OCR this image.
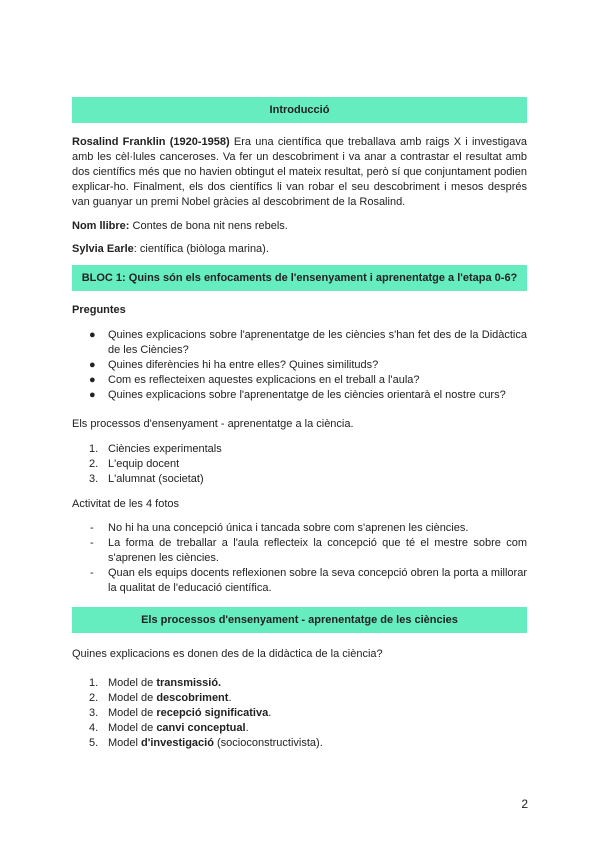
Introducció

Rosalind Franklin (1920-1958) Era una científica que treballava amb raigs X i investigava amb les cèl·lules canceroses. Va fer un descobriment i va anar a contrastar el resultat amb dos científics més que no havien obtingut el mateix resultat, però sí que conjuntament podien explicar-ho. Finalment, els dos científics li van robar el seu descobriment i mesos després van guanyar un premi Nobel gràcies al descobriment de la Rosalind.

Nom llibre: Contes de bona nit nens rebels.

Sylvia Earle: científica (biòloga marina).

BLOC 1: Quins són els enfocaments de l'ensenyament i aprenentatge a l'etapa 0-6?

Preguntes

● Quines explicacions sobre l'aprenentatge de les ciències s'han fet des de la Didàctica de les Ciències?
● Quines diferències hi ha entre elles? Quines similituds?
● Com es reflecteixen aquestes explicacions en el treball a l'aula?
● Quines explicacions sobre l'aprenentatge de les ciències orientarà el nostre curs?

Els processos d'ensenyament - aprenentatge a la ciència.

1. Ciències experimentals
2. L'equip docent
3. L'alumnat (societat)

Activitat de les 4 fotos

- No hi ha una concepció única i tancada sobre com s'aprenen les ciències.
- La forma de treballar a l'aula reflecteix la concepció que té el mestre sobre com s'aprenen les ciències.
- Quan els equips docents reflexionen sobre la seva concepció obren la porta a millorar la qualitat de l'educació científica.
Els processos d'ensenyament - aprenentatge de les ciències

Quines explicacions es donen des de la didàctica de la ciència?

1. Model de transmissió.
2. Model de descobriment.
3. Model de recepció significativa.
4. Model de canvi conceptual.
5. Model d'investigació (socioconstructivista).
2
